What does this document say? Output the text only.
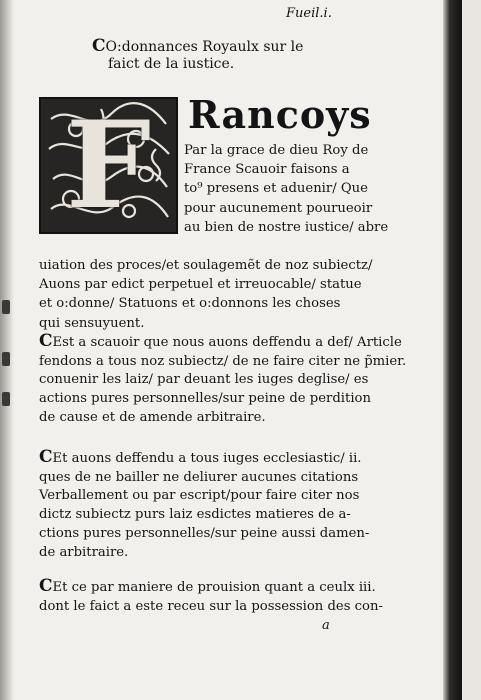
Fueil.i.
CO:donnances Royaulx sur le
faict de la iustice.
F Rancoys
Par la grace de dieu Roy de
France Scauoir faisons a
to⁹ presens et aduenir/ Que
pour aucunement pourueoir
au bien de nostre iustice/ abre
uiation des proces/et soulagemẽt de noz subiectz/
Auons par edict perpetuel et irreuocable/ statue
et o:donne/ Statuons et o:donnons les choses
qui sensuyuent.
CEst a scauoir que nous auons deffendu a def/ Article
fendons a tous noz subiectz/ de ne faire citer ne p̃mier.
conuenir les laiz/ par deuant les iuges deglise/ es
actions pures personnelles/sur peine de perdition
de cause et de amende arbitraire.
CEt auons deffendu a tous iuges ecclesiastic/ ii.
ques de ne bailler ne deliurer aucunes citations
Verballement ou par escript/pour faire citer nos
dictz subiectz purs laiz esdictes matieres de a-
ctions pures personnelles/sur peine aussi damen-
de arbitraire.
CEt ce par maniere de prouision quant a ceulx iii.
dont le faict a este receu sur la possession des con-
a
